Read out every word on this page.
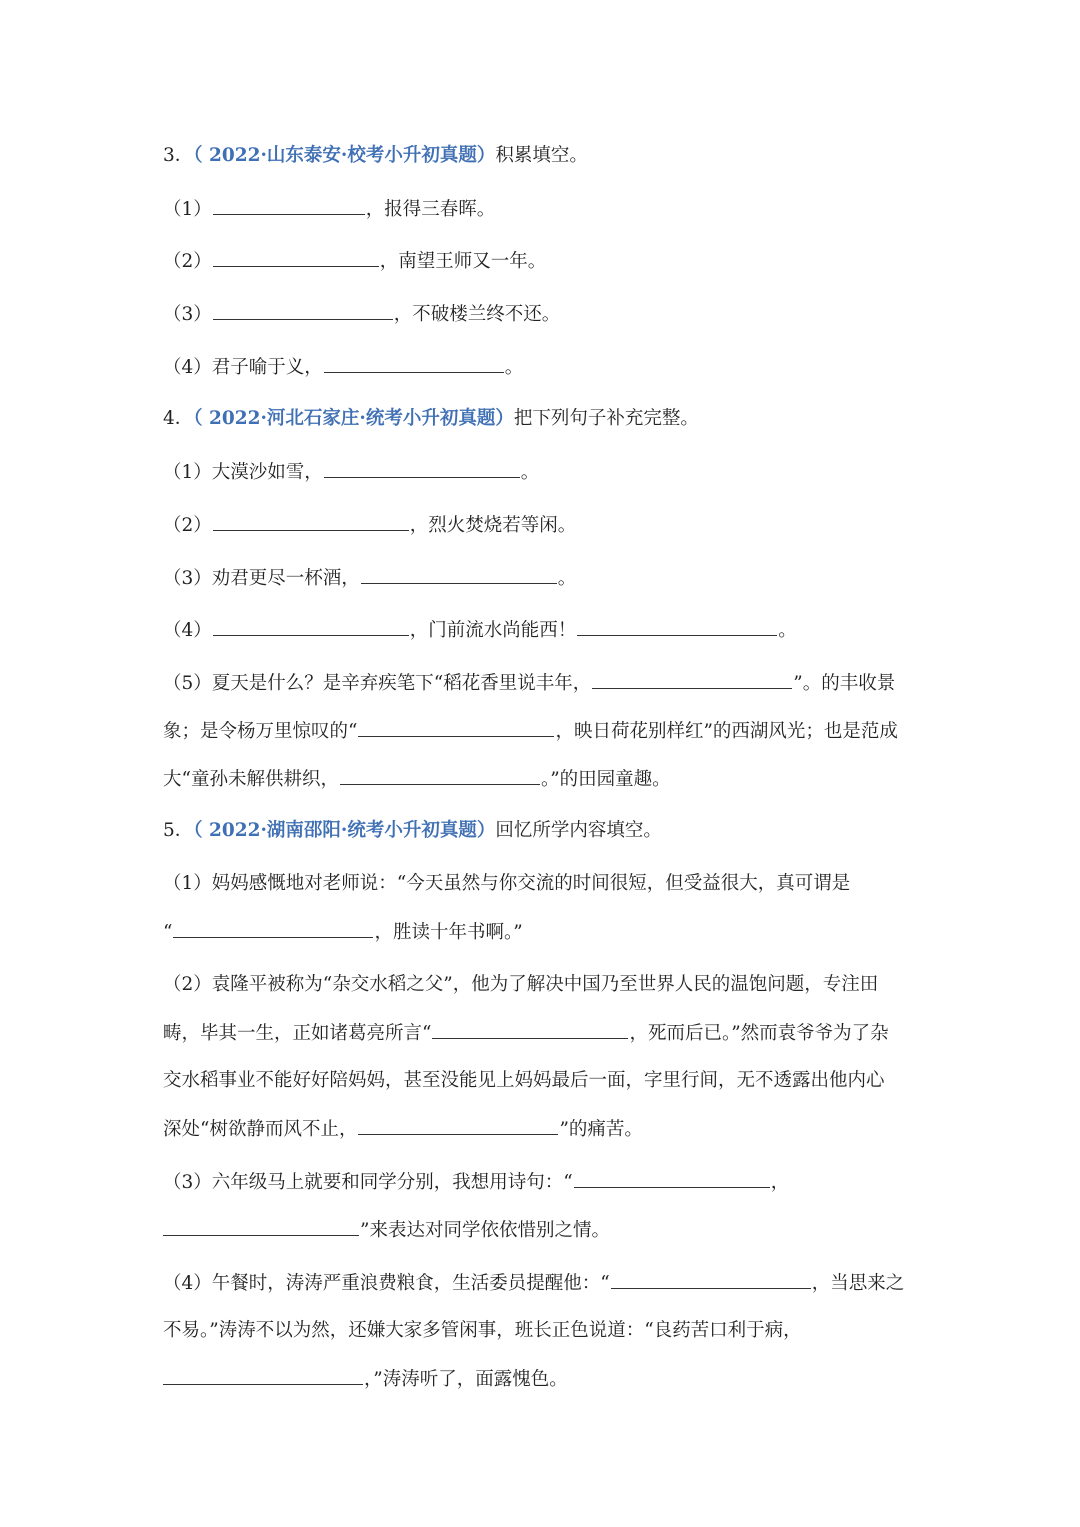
3．（ 2022·山东泰安·校考小升初真题）积累填空。
（1）	，报得三春晖。
（2）	，南望王师又一年。
（3）	，不破楼兰终不还。
（4）君子喻于义，	。
4．（ 2022·河北石家庄·统考小升初真题）把下列句子补充完整。
（1）大漠沙如雪，	。
（2）	，烈火焚烧若等闲。
（3）劝君更尽一杯酒，	。
（4）	，门前流水尚能西！	。
（5）夏天是什么？是辛弃疾笔下“稻花香里说丰年，	”。的丰收景
象；是令杨万里惊叹的“	，映日荷花别样红”的西湖风光；也是范成
大“童孙未解供耕织，	。”的田园童趣。
5．（ 2022·湖南邵阳·统考小升初真题）回忆所学内容填空。
（1）妈妈感慨地对老师说：“今天虽然与你交流的时间很短，但受益很大，真可谓是
“	，胜读十年书啊。”
（2）袁隆平被称为“杂交水稻之父”，他为了解决中国乃至世界人民的温饱问题，专注田
畴，毕其一生，正如诸葛亮所言“	，死而后已。”然而袁爷爷为了杂
交水稻事业不能好好陪妈妈，甚至没能见上妈妈最后一面，字里行间，无不透露出他内心
深处“树欲静而风不止，	”的痛苦。
（3）六年级马上就要和同学分别，我想用诗句：“	，
”来表达对同学依依惜别之情。
（4）午餐时，涛涛严重浪费粮食，生活委员提醒他：“	，当思来之
不易。”涛涛不以为然，还嫌大家多管闲事，班长正色说道：“良药苦口利于病，
，”涛涛听了，面露愧色。
